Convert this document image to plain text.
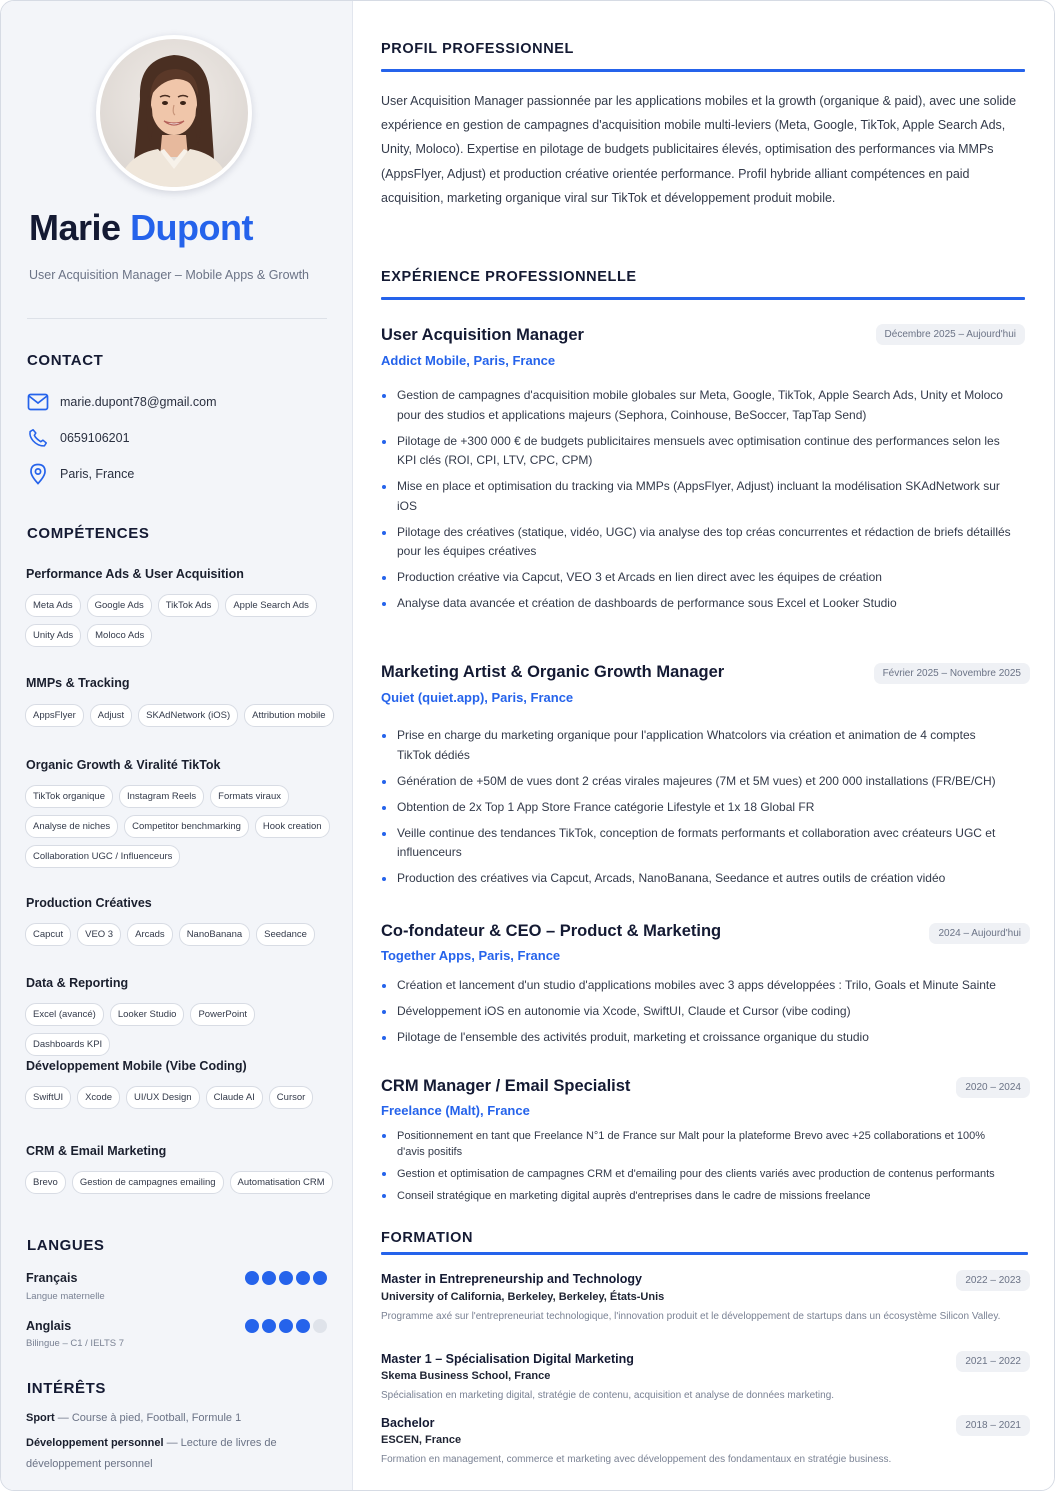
Marie Dupont
User Acquisition Manager – Mobile Apps & Growth
CONTACT
marie.dupont78@gmail.com
0659106201
Paris, France
COMPÉTENCES
Performance Ads & User Acquisition
Meta Ads	Google Ads	TikTok Ads	Apple Search Ads
Unity Ads	Moloco Ads
MMPs & Tracking
AppsFlyer	Adjust	SKAdNetwork (iOS)	Attribution mobile
Organic Growth & Viralité TikTok
TikTok organique	Instagram Reels	Formats viraux
Analyse de niches	Competitor benchmarking	Hook creation
Collaboration UGC / Influenceurs
Production Créatives
Capcut	VEO 3	Arcads	NanoBanana	Seedance
Data & Reporting
Excel (avancé)	Looker Studio	PowerPoint
Dashboards KPI
Développement Mobile (Vibe Coding)
SwiftUI	Xcode	UI/UX Design	Claude AI	Cursor
CRM & Email Marketing
Brevo	Gestion de campagnes emailing	Automatisation CRM
LANGUES
Français
Langue maternelle
Anglais
Bilingue – C1 / IELTS 7
INTÉRÊTS
Sport — Course à pied, Football, Formule 1
Développement personnel — Lecture de livres de développement personnel
PROFIL PROFESSIONNEL
User Acquisition Manager passionnée par les applications mobiles et la growth (organique & paid), avec une solide expérience en gestion de campagnes d'acquisition mobile multi-leviers (Meta, Google, TikTok, Apple Search Ads, Unity, Moloco). Expertise en pilotage de budgets publicitaires élevés, optimisation des performances via MMPs (AppsFlyer, Adjust) et production créative orientée performance. Profil hybride alliant compétences en paid acquisition, marketing organique viral sur TikTok et développement produit mobile.
EXPÉRIENCE PROFESSIONNELLE
User Acquisition Manager	Décembre 2025 – Aujourd'hui
Addict Mobile, Paris, France
Gestion de campagnes d'acquisition mobile globales sur Meta, Google, TikTok, Apple Search Ads, Unity et Moloco pour des studios et applications majeurs (Sephora, Coinhouse, BeSoccer, TapTap Send)
Pilotage de +300 000 € de budgets publicitaires mensuels avec optimisation continue des performances selon les KPI clés (ROI, CPI, LTV, CPC, CPM)
Mise en place et optimisation du tracking via MMPs (AppsFlyer, Adjust) incluant la modélisation SKAdNetwork sur iOS
Pilotage des créatives (statique, vidéo, UGC) via analyse des top créas concurrentes et rédaction de briefs détaillés pour les équipes créatives
Production créative via Capcut, VEO 3 et Arcads en lien direct avec les équipes de création
Analyse data avancée et création de dashboards de performance sous Excel et Looker Studio
Marketing Artist & Organic Growth Manager	Février 2025 – Novembre 2025
Quiet (quiet.app), Paris, France
Prise en charge du marketing organique pour l'application Whatcolors via création et animation de 4 comptes TikTok dédiés
Génération de +50M de vues dont 2 créas virales majeures (7M et 5M vues) et 200 000 installations (FR/BE/CH)
Obtention de 2x Top 1 App Store France catégorie Lifestyle et 1x 18 Global FR
Veille continue des tendances TikTok, conception de formats performants et collaboration avec créateurs UGC et influenceurs
Production des créatives via Capcut, Arcads, NanoBanana, Seedance et autres outils de création vidéo
Co-fondateur & CEO – Product & Marketing	2024 – Aujourd'hui
Together Apps, Paris, France
Création et lancement d'un studio d'applications mobiles avec 3 apps développées : Trilo, Goals et Minute Sainte
Développement iOS en autonomie via Xcode, SwiftUI, Claude et Cursor (vibe coding)
Pilotage de l'ensemble des activités produit, marketing et croissance organique du studio
CRM Manager / Email Specialist	2020 – 2024
Freelance (Malt), France
Positionnement en tant que Freelance N°1 de France sur Malt pour la plateforme Brevo avec +25 collaborations et 100% d'avis positifs
Gestion et optimisation de campagnes CRM et d'emailing pour des clients variés avec production de contenus performants
Conseil stratégique en marketing digital auprès d'entreprises dans le cadre de missions freelance
FORMATION
Master in Entrepreneurship and Technology	2022 – 2023
University of California, Berkeley, Berkeley, États-Unis
Programme axé sur l'entrepreneuriat technologique, l'innovation produit et le développement de startups dans un écosystème Silicon Valley.
Master 1 – Spécialisation Digital Marketing	2021 – 2022
Skema Business School, France
Spécialisation en marketing digital, stratégie de contenu, acquisition et analyse de données marketing.
Bachelor	2018 – 2021
ESCEN, France
Formation en management, commerce et marketing avec développement des fondamentaux en stratégie business.
